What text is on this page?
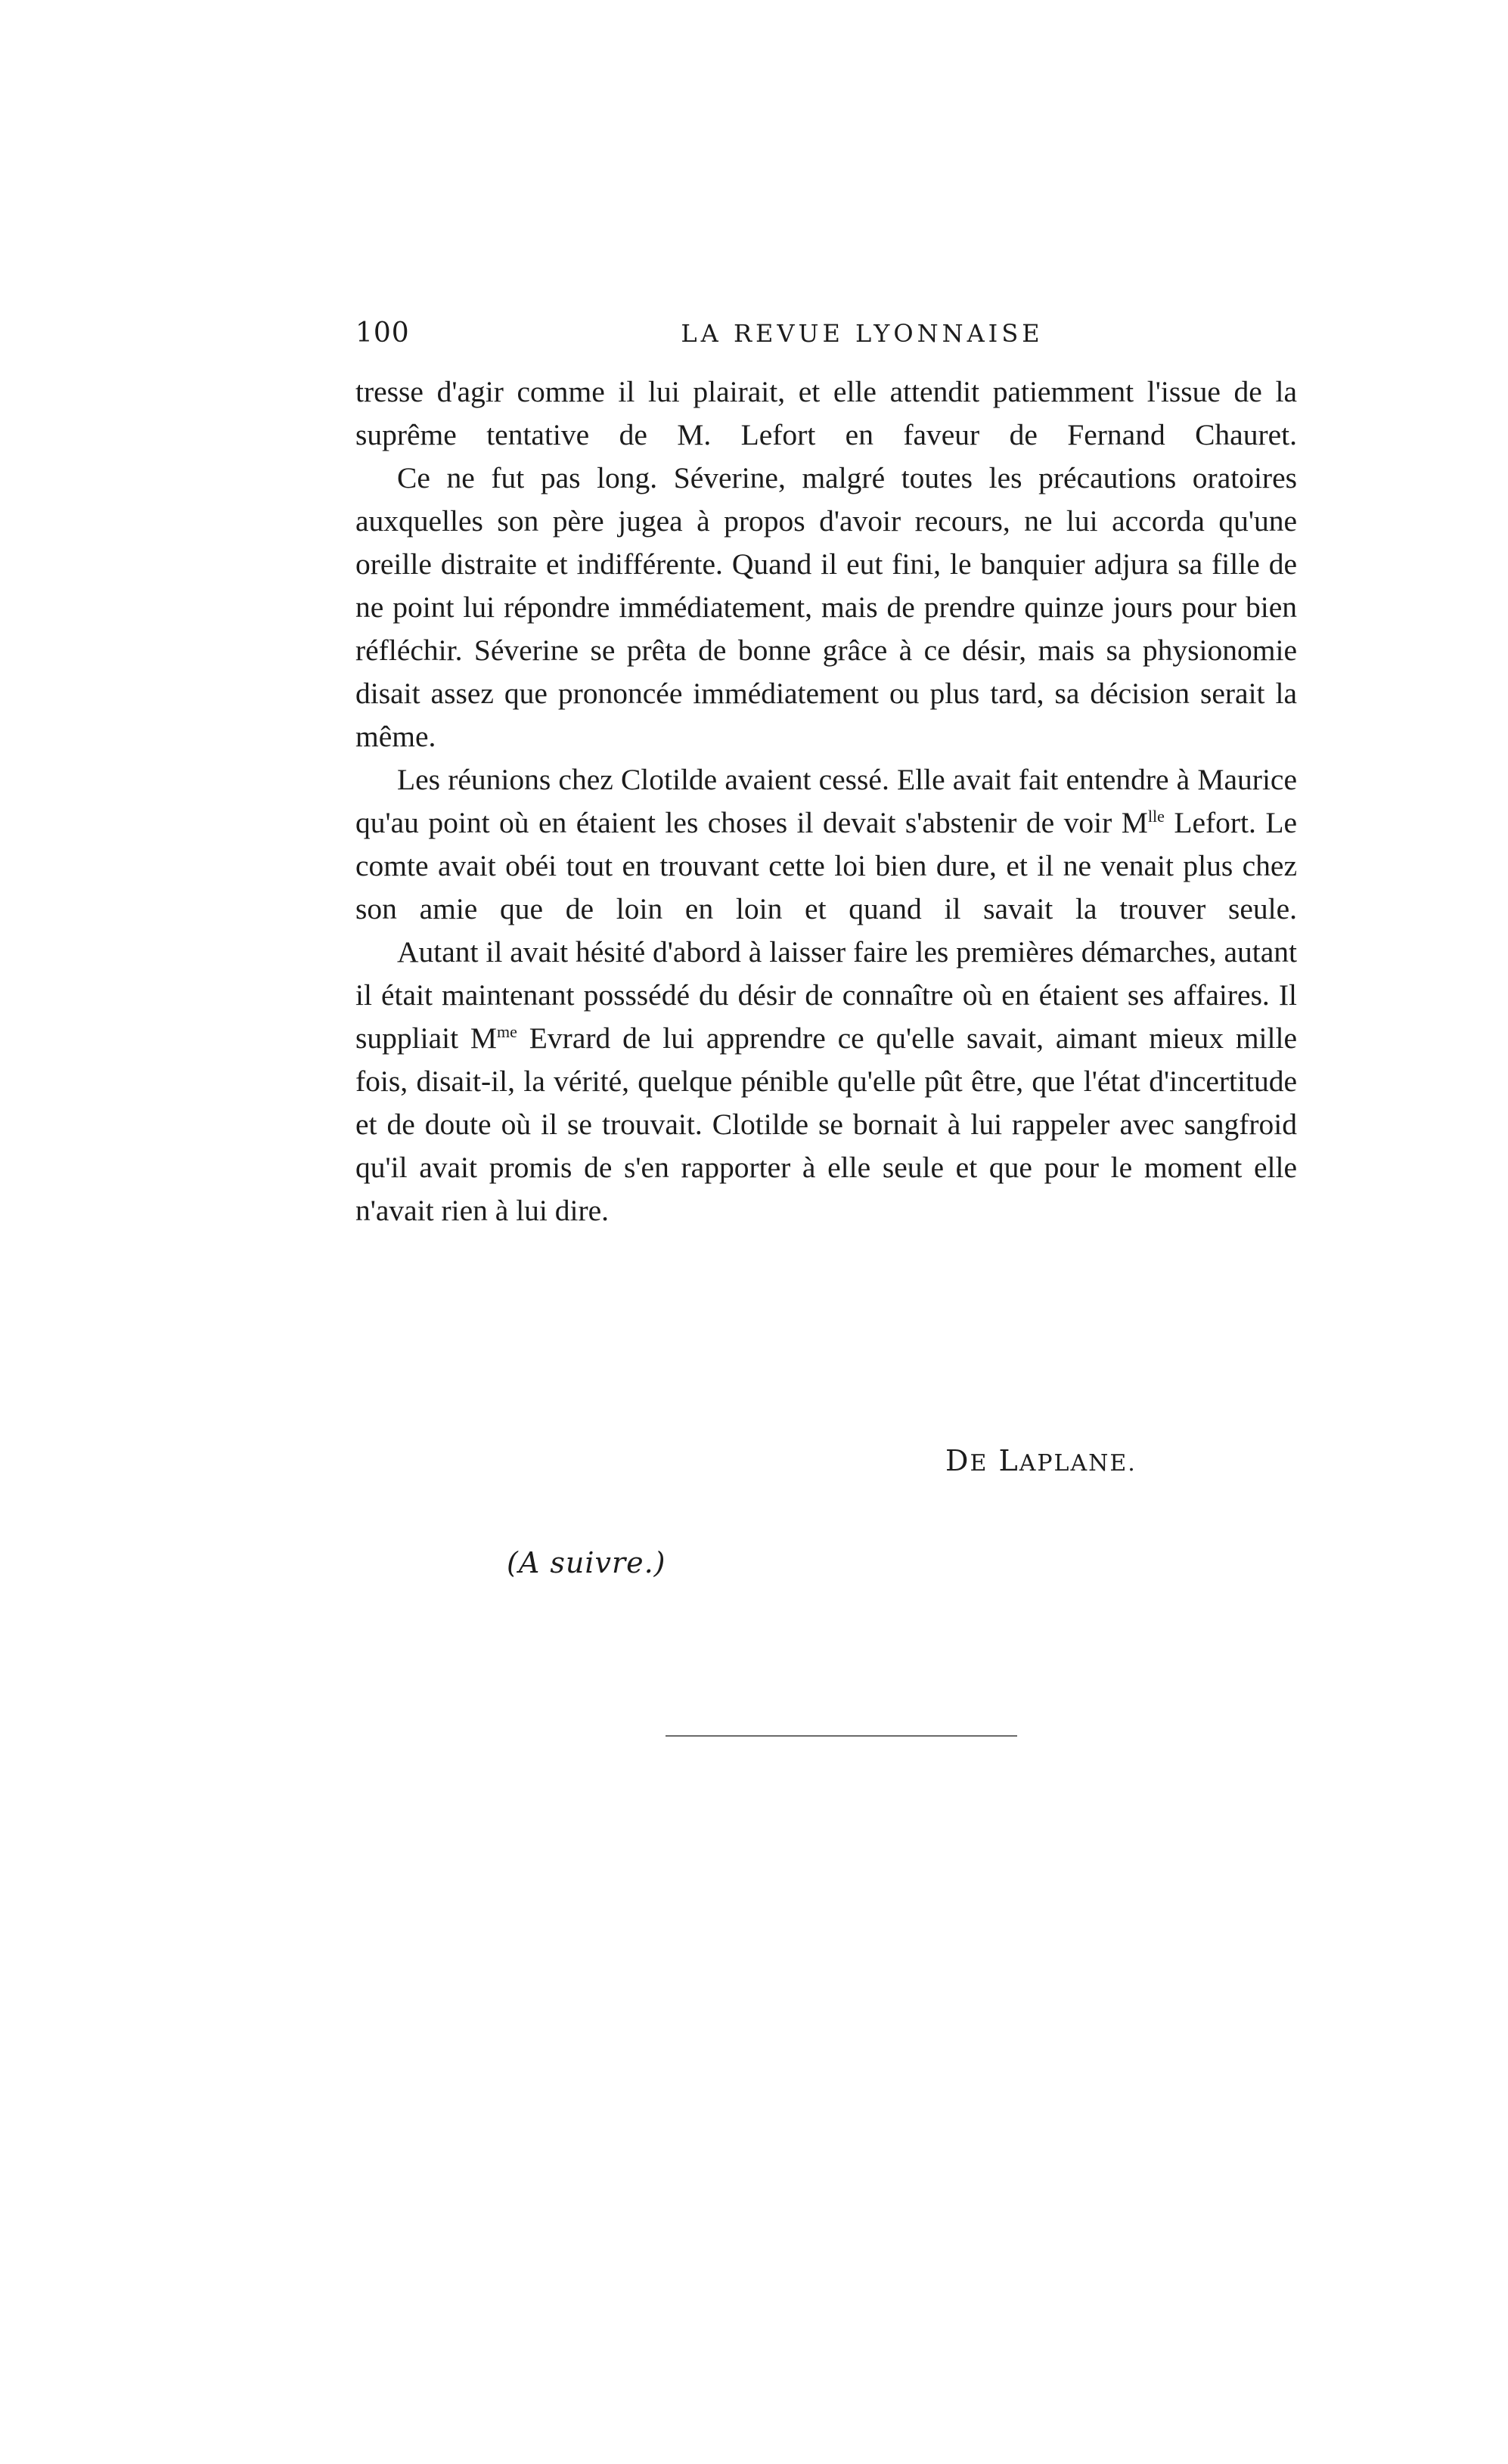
100	LA REVUE LYONNAISE

tresse d'agir comme il lui plairait, et elle attendit patiemment l'issue de la suprême tentative de M. Lefort en faveur de Fernand Chauret.

Ce ne fut pas long. Séverine, malgré toutes les précautions oratoires auxquelles son père jugea à propos d'avoir recours, ne lui accorda qu'une oreille distraite et indifférente. Quand il eut fini, le banquier adjura sa fille de ne point lui répondre immédiatement, mais de prendre quinze jours pour bien réfléchir. Séverine se prêta de bonne grâce à ce désir, mais sa physionomie disait assez que prononcée immédiatement ou plus tard, sa décision serait la même.

Les réunions chez Clotilde avaient cessé. Elle avait fait entendre à Maurice qu'au point où en étaient les choses il devait s'abstenir de voir $M^{lle}$ Lefort. Le comte avait obéi tout en trouvant cette loi bien dure, et il ne venait plus chez son amie que de loin en loin et quand il savait la trouver seule.

Autant il avait hésité d'abord à laisser faire les premières démarches, autant il était maintenant posssédé du désir de connaître où en étaient ses affaires. Il suppliait $M^{me}$ Evrard de lui apprendre ce qu'elle savait, aimant mieux mille fois, disait-il, la vérité, quelque pénible qu'elle pût être, que l'état d'incertitude et de doute où il se trouvait. Clotilde se bornait à lui rappeler avec sangfroid qu'il avait promis de s'en rapporter à elle seule et que pour le moment elle n'avait rien à lui dire.

DE LAPLANE.
(A suivre.)
